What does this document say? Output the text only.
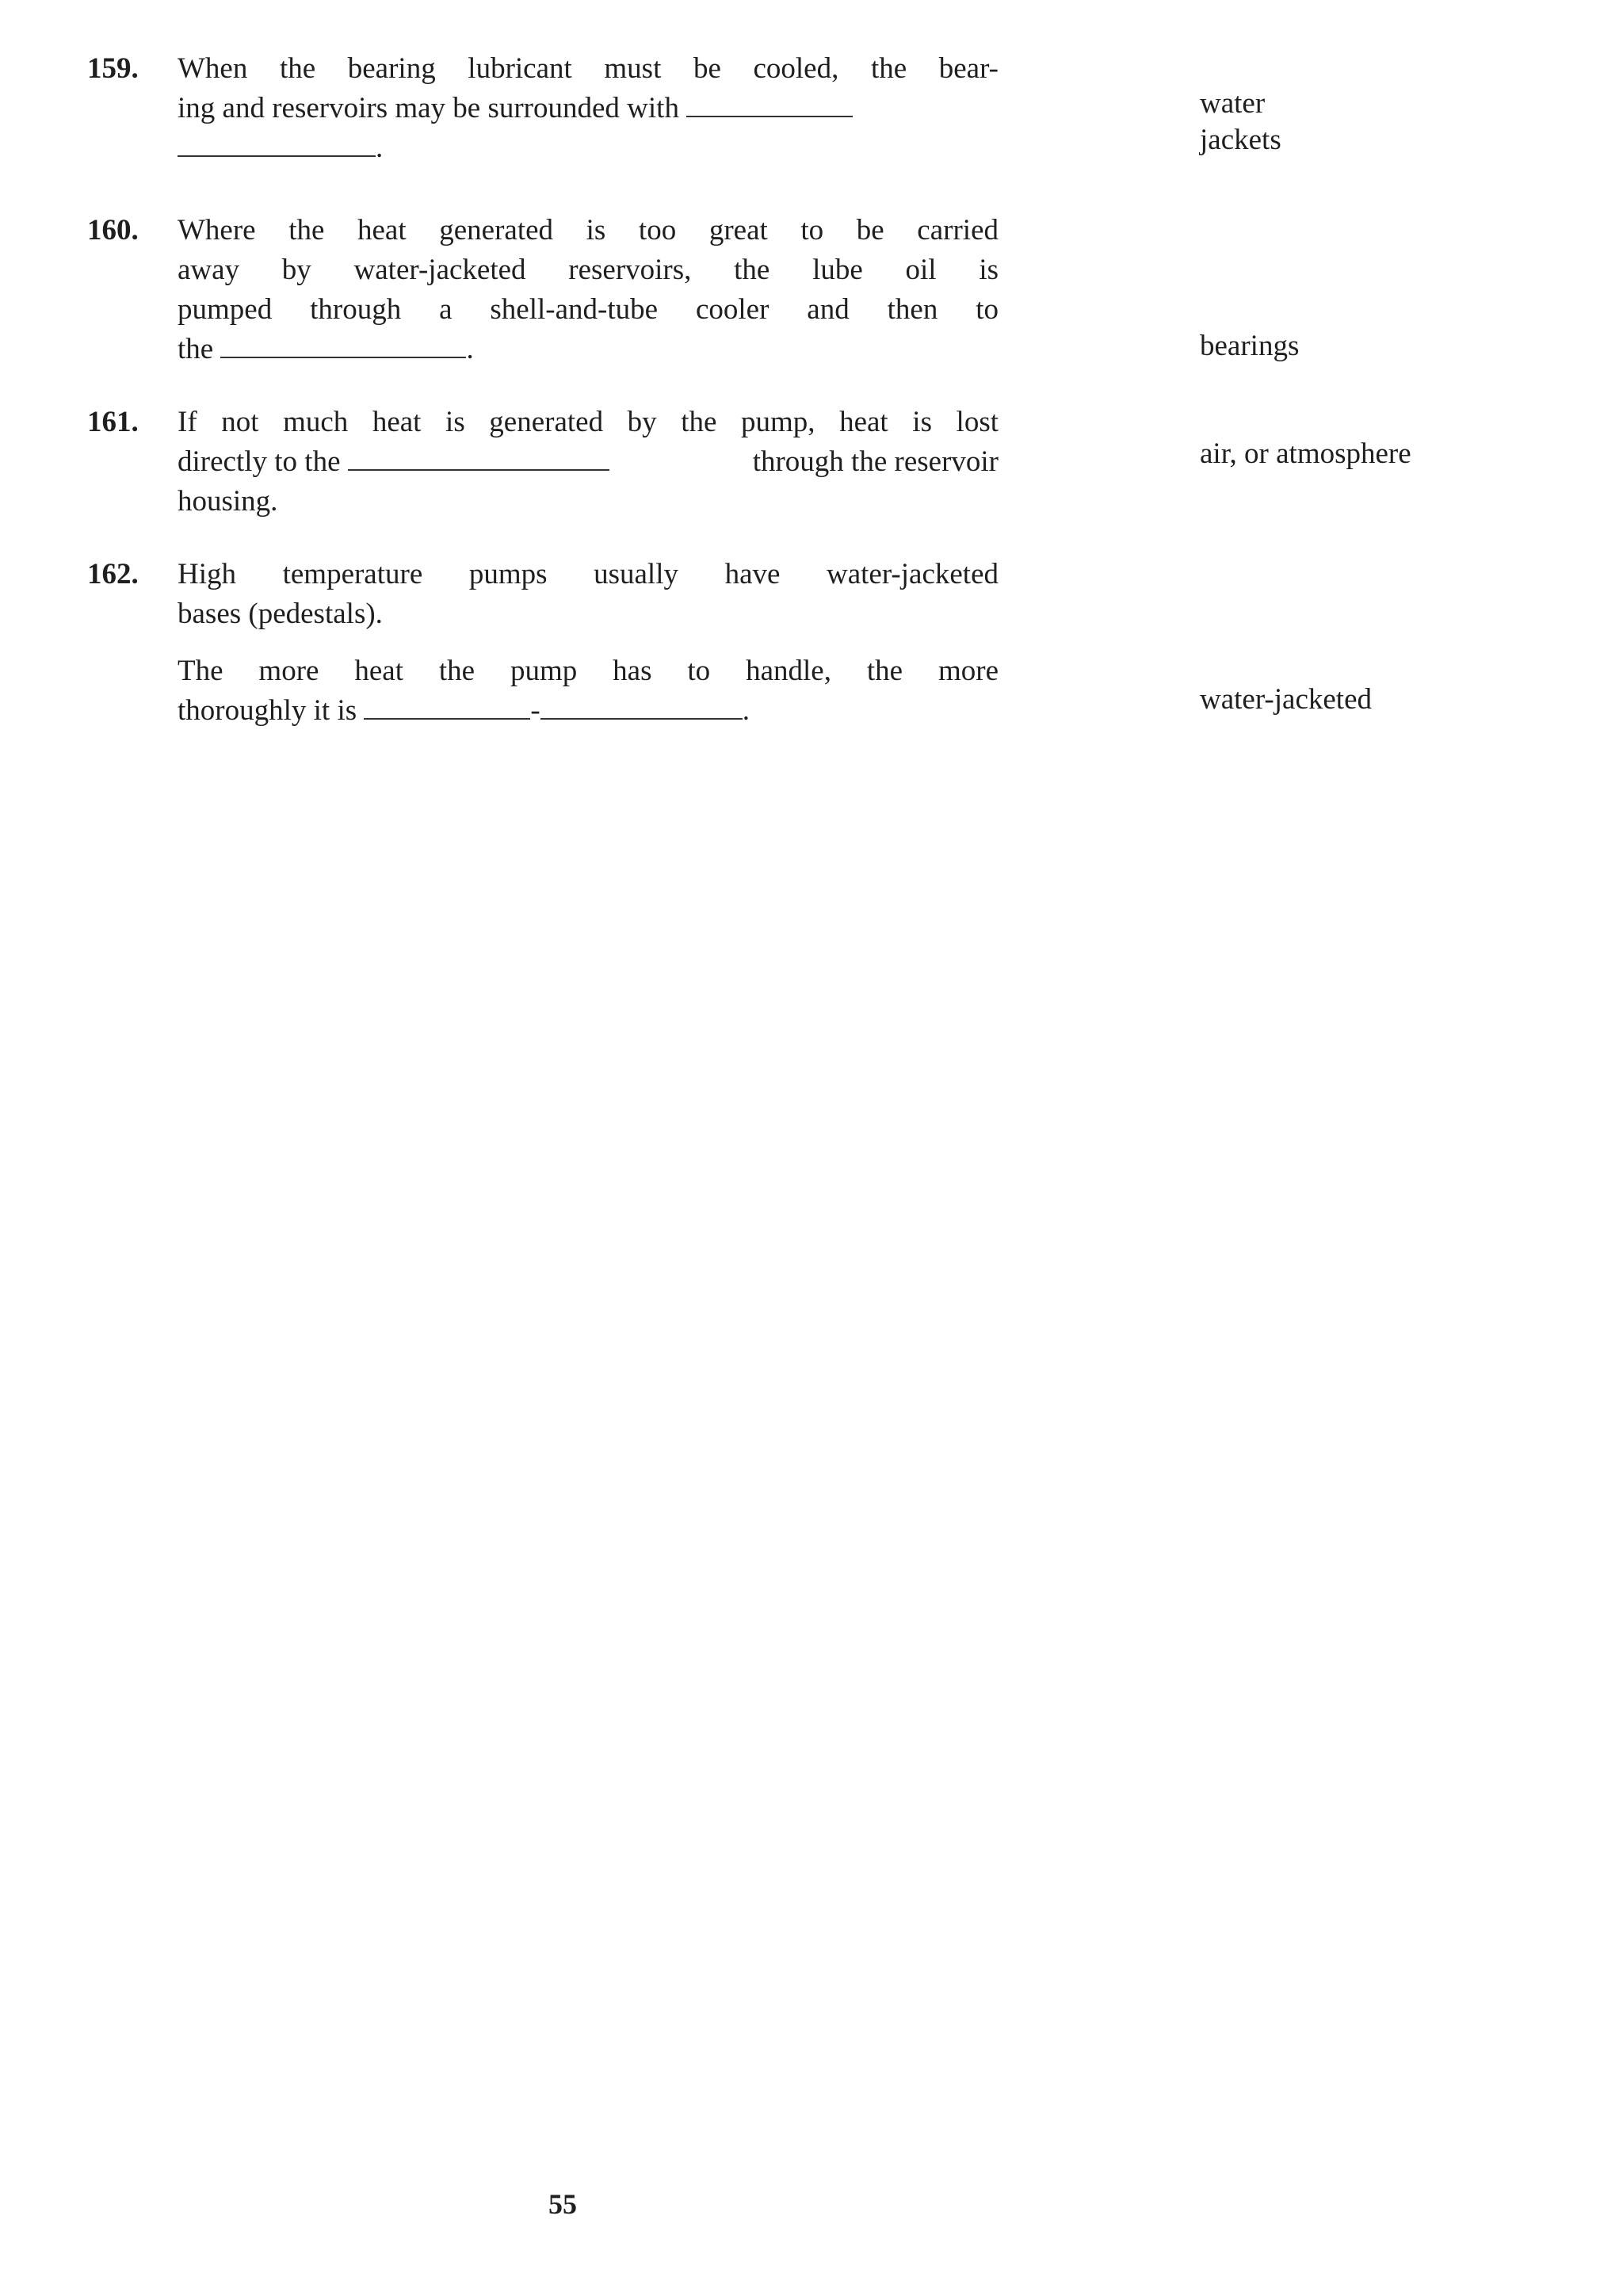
159.	When the bearing lubricant must be cooled, the bear-
ing and reservoirs may be surrounded with
.
water
jackets
160.	Where the heat generated is too great to be carried
away by water-jacketed reservoirs, the lube oil is
pumped through a shell-and-tube cooler and then to
the	.	bearings
161.	If not much heat is generated by the pump, heat is lost
directly to the	through the reservoir
housing.
air, or atmosphere
162.	High temperature pumps usually have water-jacketed
bases (pedestals).
The more heat the pump has to handle, the more
thoroughly it is	-	.	water-jacketed
55
